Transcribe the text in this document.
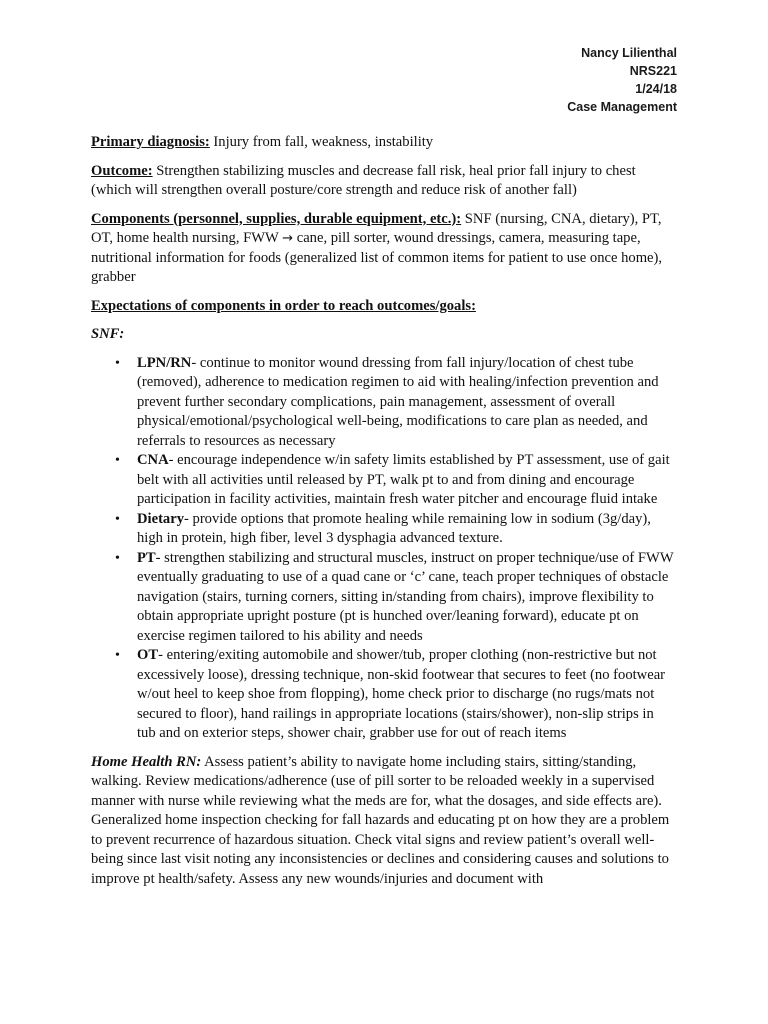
Nancy Lilienthal
NRS221
1/24/18
Case Management

Primary diagnosis: Injury from fall, weakness, instability

Outcome: Strengthen stabilizing muscles and decrease fall risk, heal prior fall injury to chest (which will strengthen overall posture/core strength and reduce risk of another fall)

Components (personnel, supplies, durable equipment, etc.): SNF (nursing, CNA, dietary), PT, OT, home health nursing, FWW → cane, pill sorter, wound dressings, camera, measuring tape, nutritional information for foods (generalized list of common items for patient to use once home), grabber

Expectations of components in order to reach outcomes/goals:

SNF:

• LPN/RN- continue to monitor wound dressing from fall injury/location of chest tube (removed), adherence to medication regimen to aid with healing/infection prevention and prevent further secondary complications, pain management, assessment of overall physical/emotional/psychological well-being, modifications to care plan as needed, and referrals to resources as necessary
• CNA- encourage independence w/in safety limits established by PT assessment, use of gait belt with all activities until released by PT, walk pt to and from dining and encourage participation in facility activities, maintain fresh water pitcher and encourage fluid intake
• Dietary- provide options that promote healing while remaining low in sodium (3g/day), high in protein, high fiber, level 3 dysphagia advanced texture.
• PT- strengthen stabilizing and structural muscles, instruct on proper technique/use of FWW eventually graduating to use of a quad cane or ‘c’ cane, teach proper techniques of obstacle navigation (stairs, turning corners, sitting in/standing from chairs), improve flexibility to obtain appropriate upright posture (pt is hunched over/leaning forward), educate pt on exercise regimen tailored to his ability and needs
• OT- entering/exiting automobile and shower/tub, proper clothing (non-restrictive but not excessively loose), dressing technique, non-skid footwear that secures to feet (no footwear w/out heel to keep shoe from flopping), home check prior to discharge (no rugs/mats not secured to floor), hand railings in appropriate locations (stairs/shower), non-slip strips in tub and on exterior steps, shower chair, grabber use for out of reach items

Home Health RN: Assess patient’s ability to navigate home including stairs, sitting/standing, walking. Review medications/adherence (use of pill sorter to be reloaded weekly in a supervised manner with nurse while reviewing what the meds are for, what the dosages, and side effects are). Generalized home inspection checking for fall hazards and educating pt on how they are a problem to prevent recurrence of hazardous situation. Check vital signs and review patient’s overall well-being since last visit noting any inconsistencies or declines and considering causes and solutions to improve pt health/safety. Assess any new wounds/injuries and document with
